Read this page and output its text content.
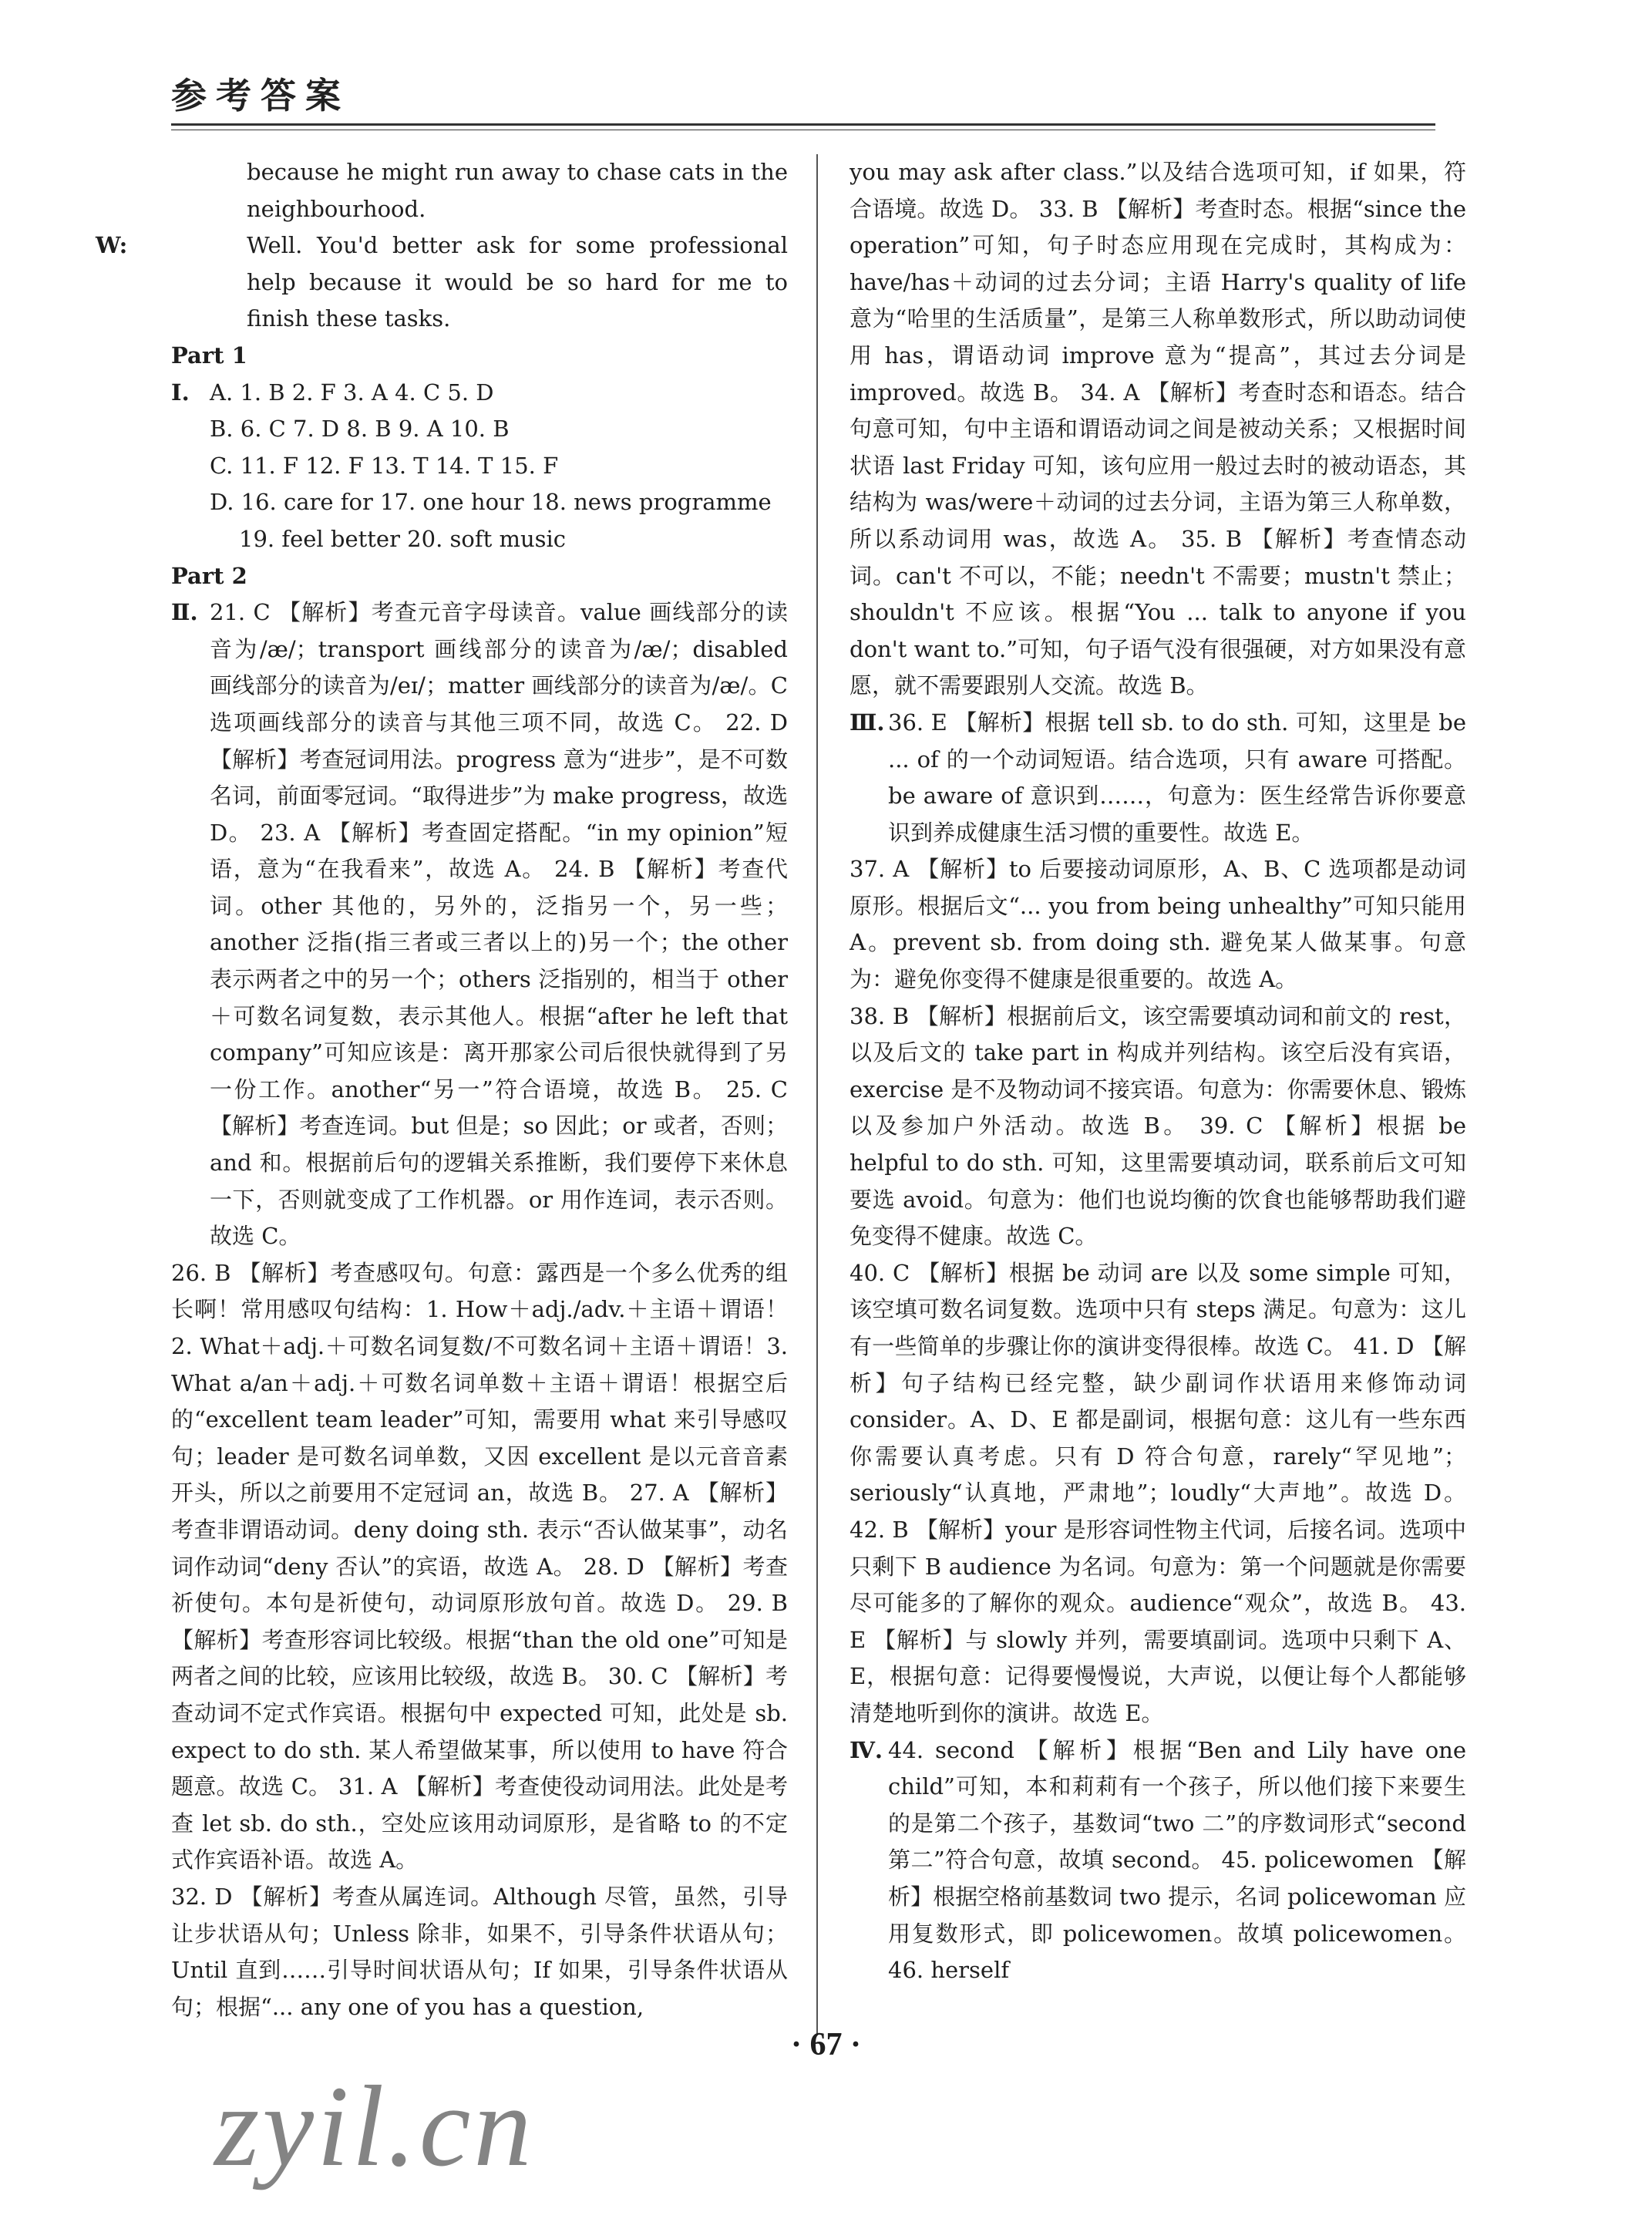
参考答案

because he might run away to chase cats in the neighbourhood.

W:	Well. You'd better ask for some professional help because it would be so hard for me to finish these tasks.

Part 1

Ⅰ. A. 1. B 2. F 3. A 4. C 5. D

B. 6. C 7. D 8. B 9. A 10. B

C. 11. F 12. F 13. T 14. T 15. F

D. 16. care for 17. one hour 18. news programme

19. feel better 20. soft music

Part 2

Ⅱ. 21. C 【解析】考查元音字母读音。value 画线部分的读音为/æ/；transport 画线部分的读音为/æ/；disabled 画线部分的读音为/eɪ/；matter 画线部分的读音为/æ/。C 选项画线部分的读音与其他三项不同，故选 C。 22. D 【解析】考查冠词用法。progress 意为“进步”，是不可数名词，前面零冠词。“取得进步”为 make progress，故选 D。 23. A 【解析】考查固定搭配。“in my opinion”短语，意为“在我看来”，故选 A。 24. B 【解析】考查代词。other 其他的，另外的，泛指另一个，另一些；another 泛指(指三者或三者以上的)另一个；the other 表示两者之中的另一个；others 泛指别的，相当于 other＋可数名词复数，表示其他人。根据“after he left that company”可知应该是：离开那家公司后很快就得到了另一份工作。another“另一”符合语境，故选 B。 25. C 【解析】考查连词。but 但是；so 因此；or 或者，否则；and 和。根据前后句的逻辑关系推断，我们要停下来休息一下，否则就变成了工作机器。or 用作连词，表示否则。故选 C。

26. B 【解析】考查感叹句。句意：露西是一个多么优秀的组长啊！常用感叹句结构：1. How＋adj./adv.＋主语＋谓语！2. What＋adj.＋可数名词复数/不可数名词＋主语＋谓语！3. What a/an＋adj.＋可数名词单数＋主语＋谓语！根据空后的“excellent team leader”可知，需要用 what 来引导感叹句；leader 是可数名词单数，又因 excellent 是以元音音素开头，所以之前要用不定冠词 an，故选 B。 27. A 【解析】考查非谓语动词。deny doing sth. 表示“否认做某事”，动名词作动词“deny 否认”的宾语，故选 A。 28. D 【解析】考查祈使句。本句是祈使句，动词原形放句首。故选 D。 29. B 【解析】考查形容词比较级。根据“than the old one”可知是两者之间的比较，应该用比较级，故选 B。 30. C 【解析】考查动词不定式作宾语。根据句中 expected 可知，此处是 sb. expect to do sth. 某人希望做某事，所以使用 to have 符合题意。故选 C。 31. A 【解析】考查使役动词用法。此处是考查 let sb. do sth.，空处应该用动词原形，是省略 to 的不定式作宾语补语。故选 A。

32. D 【解析】考查从属连词。Although 尽管，虽然，引导让步状语从句；Unless 除非，如果不，引导条件状语从句；Until 直到……引导时间状语从句；If 如果，引导条件状语从句；根据“... any one of you has a question,

you may ask after class.”以及结合选项可知，if 如果，符合语境。故选 D。 33. B 【解析】考查时态。根据“since the operation”可知，句子时态应用现在完成时，其构成为：have/has＋动词的过去分词；主语 Harry's quality of life 意为“哈里的生活质量”，是第三人称单数形式，所以助动词使用 has，谓语动词 improve 意为“提高”，其过去分词是 improved。故选 B。 34. A 【解析】考查时态和语态。结合句意可知，句中主语和谓语动词之间是被动关系；又根据时间状语 last Friday 可知，该句应用一般过去时的被动语态，其结构为 was/were＋动词的过去分词，主语为第三人称单数，所以系动词用 was，故选 A。 35. B 【解析】考查情态动词。can't 不可以，不能；needn't 不需要；mustn't 禁止；shouldn't 不应该。根据“You ... talk to anyone if you don't want to.”可知，句子语气没有很强硬，对方如果没有意愿，就不需要跟别人交流。故选 B。

Ⅲ. 36. E 【解析】根据 tell sb. to do sth. 可知，这里是 be ... of 的一个动词短语。结合选项，只有 aware 可搭配。be aware of 意识到……，句意为：医生经常告诉你要意识到养成健康生活习惯的重要性。故选 E。

37. A 【解析】to 后要接动词原形，A、B、C 选项都是动词原形。根据后文“... you from being unhealthy”可知只能用 A。prevent sb. from doing sth. 避免某人做某事。句意为：避免你变得不健康是很重要的。故选 A。

38. B 【解析】根据前后文，该空需要填动词和前文的 rest，以及后文的 take part in 构成并列结构。该空后没有宾语，exercise 是不及物动词不接宾语。句意为：你需要休息、锻炼以及参加户外活动。故选 B。 39. C 【解析】根据 be helpful to do sth. 可知，这里需要填动词，联系前后文可知要选 avoid。句意为：他们也说均衡的饮食也能够帮助我们避免变得不健康。故选 C。

40. C 【解析】根据 be 动词 are 以及 some simple 可知，该空填可数名词复数。选项中只有 steps 满足。句意为：这儿有一些简单的步骤让你的演讲变得很棒。故选 C。 41. D 【解析】句子结构已经完整，缺少副词作状语用来修饰动词 consider。A、D、E 都是副词，根据句意：这儿有一些东西你需要认真考虑。只有 D 符合句意，rarely“罕见地”；seriously“认真地，严肃地”；loudly“大声地”。故选 D。 42. B 【解析】your 是形容词性物主代词，后接名词。选项中只剩下 B audience 为名词。句意为：第一个问题就是你需要尽可能多的了解你的观众。audience“观众”，故选 B。 43. E 【解析】与 slowly 并列，需要填副词。选项中只剩下 A、E，根据句意：记得要慢慢说，大声说，以便让每个人都能够清楚地听到你的演讲。故选 E。

Ⅳ. 44. second 【解析】根据“Ben and Lily have one child”可知，本和莉莉有一个孩子，所以他们接下来要生的是第二个孩子，基数词“two 二”的序数词形式“second 第二”符合句意，故填 second。 45. policewomen 【解析】根据空格前基数词 two 提示，名词 policewoman 应用复数形式，即 policewomen。故填 policewomen。 46. herself

· 67 ·
zyil.cn
